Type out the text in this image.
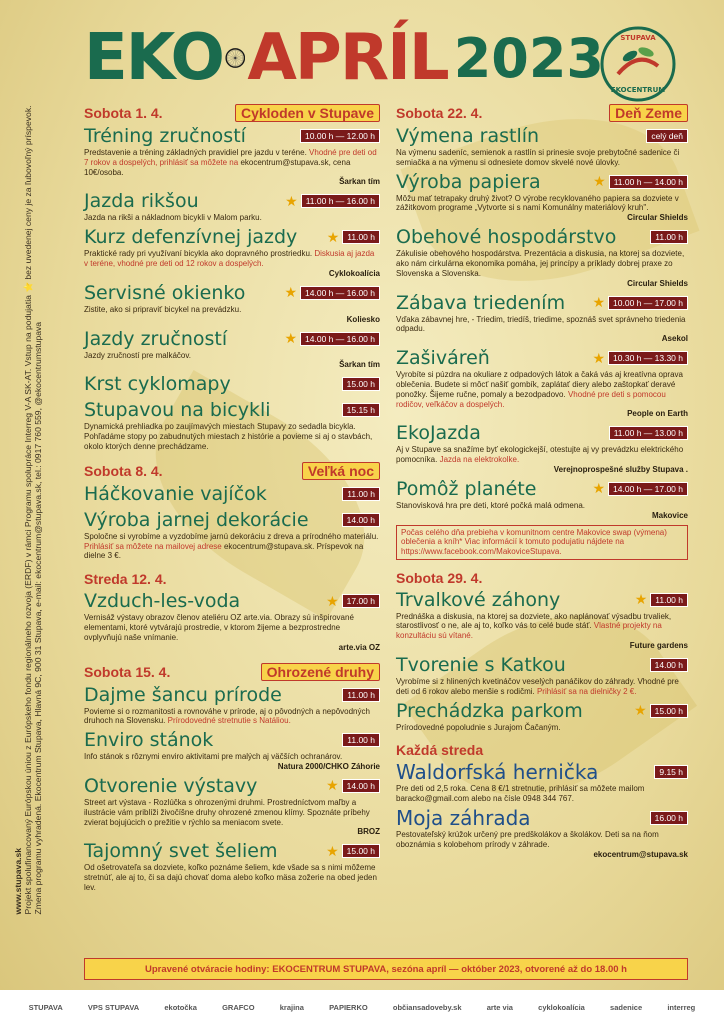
www.stupava.sk Projekt spolufinancovaný Európskou úniou z Európskeho fondu regionálneho rozvoja (ERDF) v rámci Programu spolupráce Interreg V-A SK-AT. Vstup na podujatia ⭐ bez uvedenej ceny je za ľubovoľný príspevok. Zmena programu vyhradená. Ekocentrum Stupava, Hlavná 9C, 900 31 Stupava, e-mail: ekocentrum@stupava.sk, tel.: 0917 760 559, @ekocentrumstupava
EKO APRÍL 2023
EKOCENTRUM
STUPAVA
Sobota 1. 4.	Cykloden v Stupave
Tréning zručností	10.00 h — 12.00 h
Predstavenie a tréning základných pravidiel pre jazdu v teréne. Vhodné pre deti od 7 rokov a dospelých, prihlásiť sa môžete na ekocentrum@stupava.sk, cena 10€/osoba.
Šarkan tím
Jazda rikšou	★ 11.00 h — 16.00 h
Jazda na rikši a nákladnom bicykli v Malom parku.
Kurz defenzívnej jazdy ★ 11.00 h
Praktické rady pri využívaní bicykla ako dopravného prostriedku. Diskusia aj jazda v teréne, vhodné pre deti od 12 rokov a dospelých.
Cyklokoalícia
Servisné okienko	★ 14.00 h — 16.00 h
Zistite, ako si pripraviť bicykel na prevádzku.
Koliesko
Jazdy zručností	★ 14.00 h — 16.00 h
Jazdy zručností pre malkáčov.
Šarkan tím
Krst cyklomapy	15.00 h
Stupavou na bicykli	15.15 h
Dynamická prehliadka po zaujímavých miestach Stupavy zo sedadla bicykla. Pohľadáme stopy po zabudnutých miestach z histórie a povieme si aj o stavbách, okolo ktorých denne prechádzame.
Sobota 8. 4.	Veľká noc
Háčkovanie vajíčok	11.00 h
Výroba jarnej dekorácie	14.00 h
Spoločne si vyrobíme a vyzdobíme jarnú dekoráciu z dreva a prírodného materiálu. Prihlásiť sa môžete na mailovej adrese ekocentrum@stupava.sk. Príspevok na dielne 3 €.
Streda 12. 4.
Vzduch-les-voda	★ 17.00 h
Vernisáž výstavy obrazov členov ateliéru OZ arte.via. Obrazy sú inšpirované elementami, ktoré vytvárajú prostredie, v ktorom žijeme a bezprostredne ovplyvňujú naše vnímanie.
arte.via OZ
Sobota 15. 4.	Ohrozené druhy
Dajme šancu prírode	11.00 h
Povieme si o rozmanitosti a rovnováhe v prírode, aj o pôvodných a nepôvodných druhoch na Slovensku. Prírodovedné stretnutie s Natáliou.
Enviro stánok	11.00 h
Info stánok s rôznymi enviro aktivitami pre malých aj väčších ochranárov.
Natura 2000/CHKO Záhorie
Otvorenie výstavy	★ 14.00 h
Street art výstava - Rozlúčka s ohrozenými druhmi. Prostredníctvom maľby a ilustrácie vám priblíži živočíšne druhy ohrozené zmenou klímy. Spoznáte príbehy zvierat bojujúcich o prežitie v rýchlo sa meniacom svete.
BROZ
Tajomný svet šeliem	★ 15.00 h
Od ošetrovateľa sa dozviete, koľko poznáme šeliem, kde všade sa s nimi môžeme stretnúť, ale aj to, či sa dajú chovať doma alebo koľko mäsa zožerie na obed jeden lev.
Sobota 22. 4.	Deň Zeme
Výmena rastlín	celý deň
Na výmenu sadeníc, semienok a rastlín si prinesie svoje prebytočné sadenice či semiačka a na výmenu si odnesiete domov skvelé nové úlovky.
Výroba papiera	★ 11.00 h — 14.00 h
Môžu mať tetrapaky druhý život? O výrobe recyklovaného papiera sa dozviete v zážitkovom programe „Vytvorte si s nami Komunálny materiálový kruh".
Circular Shields
Obehové hospodárstvo	11.00 h
Zákulisie obehového hospodárstva. Prezentácia a diskusia, na ktorej sa dozviete, ako nám cirkulárna ekonomika pomáha, jej princípy a príklady dobrej praxe zo Slovenska a Slovenska.
Circular Shields
Zábava triedením ★ 10.00 h — 17.00 h
Vďaka zábavnej hre, - Triedim, triedíš, triedime, spoznáš svet správneho triedenia odpadu.
Asekol
Zašiváreň	★ 10.30 h — 13.30 h
Vyrobíte si púzdra na okuliare z odpadových látok a čaká vás aj kreatívna oprava oblečenia. Budete si môcť našiť gombík, zaplátať diery alebo zaštopkať deravé ponožky. Šijeme ručne, pomaly a bezodpadovo. Vhodné pre deti s pomocou rodičov, veľkáčov a dospelých.
People on Earth
EkoJazda	11.00 h — 13.00 h
Aj v Stupave sa snažíme byť ekologickejší, otestujte aj vy prevádzku elektrického pomocníka. Jazda na elektrokolke.
Verejnoprospešné služby Stupava .
Pomôž planéte	★ 14.00 h — 17.00 h
Stanovisková hra pre deti, ktoré počká malá odmena.
Makovice
Počas celého dňa prebieha v komunitnom centre Makovice swap (výmena) oblečenia a kníh* Viac informácií k tomuto podujatiu nájdete na https://www.facebook.com/MakoviceStupava.
Sobota 29. 4.
Trvalkové záhony	★ 11.00 h
Prednáška a diskusia, na ktorej sa dozviete, ako naplánovať výsadbu trvaliek, starostlivosť o ne, ale aj to, koľko vás to celé bude stáť. Vlastné projekty na konzultáciu sú vítané.
Future gardens
Tvorenie s Katkou	14.00 h
Vyrobíme si z hlinených kvetináčov veselých panáčikov do záhrady. Vhodné pre deti od 6 rokov alebo menšie s rodičmi. Prihlásiť sa na dielničky 2 €.
Prechádzka parkom	★ 15.00 h
Prírodovedné popoludnie s Jurajom Čačaným.
Každá streda
Waldorfská hernička	9.15 h
Pre deti od 2,5 roka. Cena 8 €/1 stretnutie, prihlásiť sa môžete mailom baracko@gmail.com alebo na čísle 0948 344 767.
Moja záhrada	16.00 h
Pestovateľský krúžok určený pre predškolákov a školákov. Deti sa na ňom oboznámia s kolobehom prírody v záhrade.
ekocentrum@stupava.sk
Upravené otváracie hodiny: EKOCENTRUM STUPAVA, sezóna apríl — október 2023, otvorené až do 18.00 h
STUPAVA	VPS STUPAVA	ekotočka	GRAFCO	krajina	PAPIERKO	občiansadoveby.sk	arte via	cyklokoalícia	sadenice	interreg
